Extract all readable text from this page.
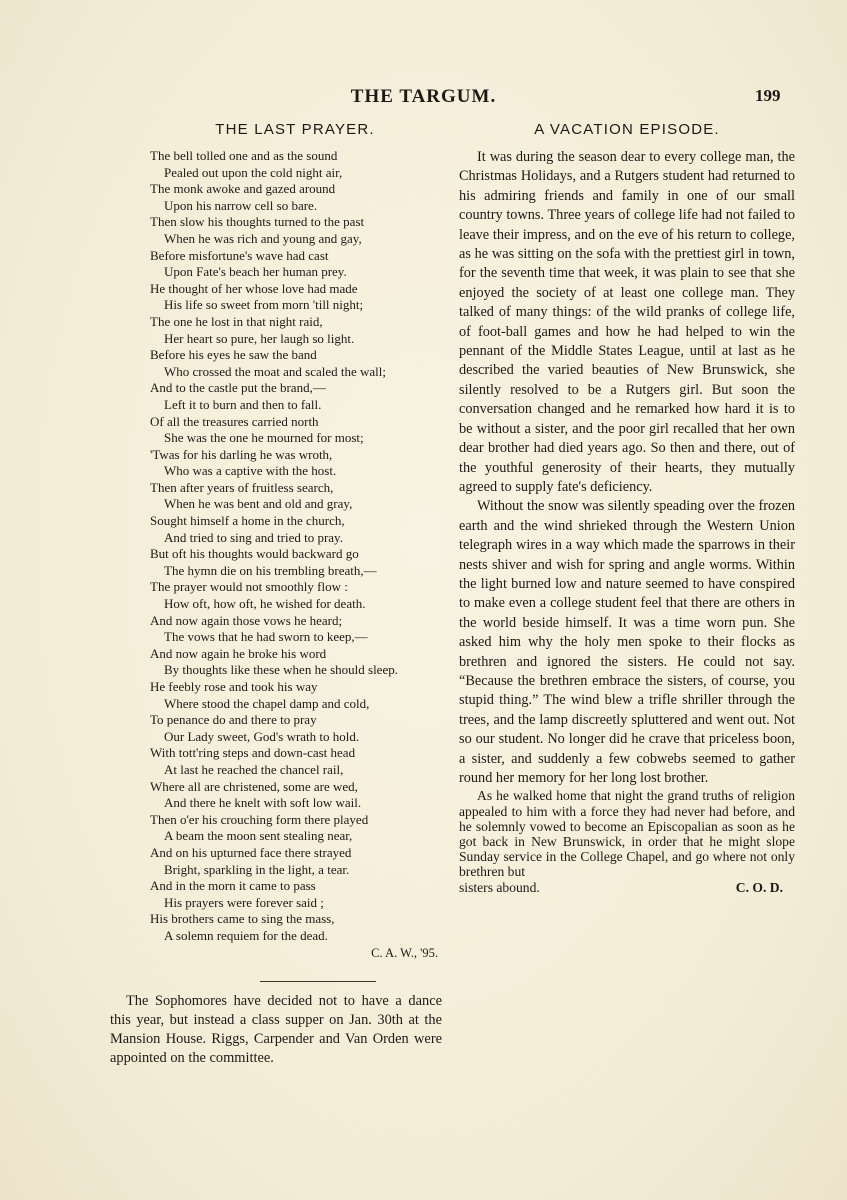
THE TARGUM.	199
THE LAST PRAYER.
The bell tolled one and as the sound
Pealed out upon the cold night air,
The monk awoke and gazed around
Upon his narrow cell so bare.
Then slow his thoughts turned to the past
When he was rich and young and gay,
Before misfortune's wave had cast
Upon Fate's beach her human prey.
He thought of her whose love had made
His life so sweet from morn 'till night;
The one he lost in that night raid,
Her heart so pure, her laugh so light.
Before his eyes he saw the band
Who crossed the moat and scaled the wall;
And to the castle put the brand,—
Left it to burn and then to fall.
Of all the treasures carried north
She was the one he mourned for most;
'Twas for his darling he was wroth,
Who was a captive with the host.
Then after years of fruitless search,
When he was bent and old and gray,
Sought himself a home in the church,
And tried to sing and tried to pray.
But oft his thoughts would backward go
The hymn die on his trembling breath,—
The prayer would not smoothly flow :
How oft, how oft, he wished for death.
And now again those vows he heard;
The vows that he had sworn to keep,—
And now again he broke his word
By thoughts like these when he should sleep.
He feebly rose and took his way
Where stood the chapel damp and cold,
To penance do and there to pray
Our Lady sweet, God's wrath to hold.
With tott'ring steps and down-cast head
At last he reached the chancel rail,
Where all are christened, some are wed,
And there he knelt with soft low wail.
Then o'er his crouching form there played
A beam the moon sent stealing near,
And on his upturned face there strayed
Bright, sparkling in the light, a tear.
And in the morn it came to pass
His prayers were forever said ;
His brothers came to sing the mass,
A solemn requiem for the dead.
C. A. W., '95.
The Sophomores have decided not to have a dance this year, but instead a class supper on Jan. 30th at the Mansion House. Riggs, Carpender and Van Orden were appointed on the committee.
A VACATION EPISODE.

It was during the season dear to every college man, the Christmas Holidays, and a Rutgers student had returned to his admiring friends and family in one of our small country towns. Three years of college life had not failed to leave their impress, and on the eve of his return to college, as he was sitting on the sofa with the prettiest girl in town, for the seventh time that week, it was plain to see that she enjoyed the society of at least one college man. They talked of many things: of the wild pranks of college life, of foot-ball games and how he had helped to win the pennant of the Middle States League, until at last as he described the varied beauties of New Brunswick, she silently resolved to be a Rutgers girl. But soon the conversation changed and he remarked how hard it is to be without a sister, and the poor girl recalled that her own dear brother had died years ago. So then and there, out of the youthful generosity of their hearts, they mutually agreed to supply fate's deficiency.

Without the snow was silently speading over the frozen earth and the wind shrieked through the Western Union telegraph wires in a way which made the sparrows in their nests shiver and wish for spring and angle worms. Within the light burned low and nature seemed to have conspired to make even a college student feel that there are others in the world beside himself. It was a time worn pun. She asked him why the holy men spoke to their flocks as brethren and ignored the sisters. He could not say. “Because the brethren embrace the sisters, of course, you stupid thing.” The wind blew a trifle shriller through the trees, and the lamp discreetly spluttered and went out. Not so our student. No longer did he crave that priceless boon, a sister, and suddenly a few cobwebs seemed to gather round her memory for her long lost brother.

As he walked home that night the grand truths of religion appealed to him with a force they had never had before, and he solemnly vowed to become an Episcopalian as soon as he got back in New Brunswick, in order that he might slope Sunday service in the College Chapel, and go where not only brethren but

sisters abound.	C. O. D.
